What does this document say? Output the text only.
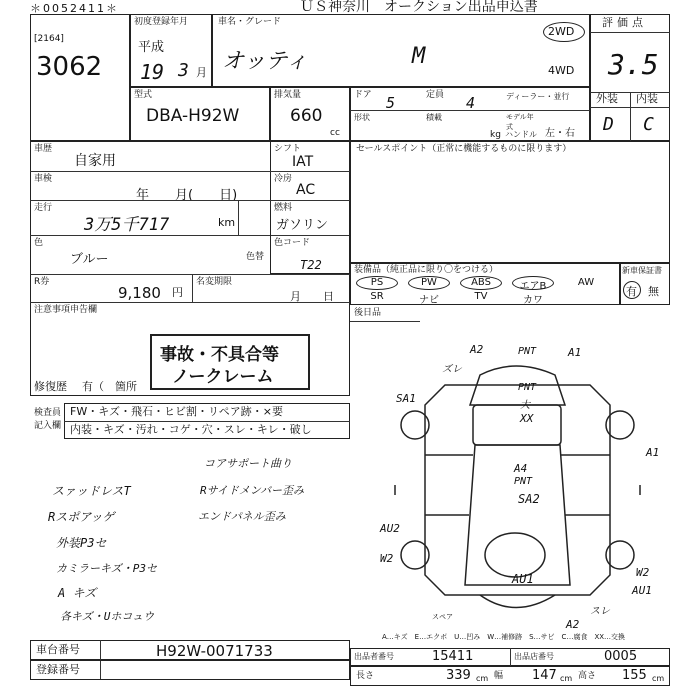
＊0052411＊	ＵＳ神奈川　オークション出品申込書
[2164]
3062
初度登録年月
平成
19 3 月
車名・グレード
オッティ	M
2WD
4WD
評価点
3.5
外装 内装
D C
型式
DBA-H92W
排気量
660
cc
ドア 5	定員 4	ディーラー・並行
形状	積載	モデル年式
kg ハンドル 左・右
車歴
自家用
車検
年　　月(　　日)
走行
3万5千717	km
色
ブルー	色替
R券
9,180 円
名変期限
月　　日
注意事項申告欄
事故・不具合等
ノークレーム
修復歴 有（　箇所
シフト
IAT
冷房
AC
燃料
ガソリン
色コード
T22
セールスポイント（正常に機能するものに限ります）
装備品（純正品に限り〇をつける）
PS	PW	ABS	エアB	AW
SR	ナビ	TV	カワ
新車保証書
有 無
後日品
検査員
記入欄
FW・キズ・飛石・ヒビ割・リペア跡・×要
内装・キズ・汚れ・コゲ・穴・スレ・キレ・破し
コアサポート曲り
スァッドレスT	Rサイドメンバー歪み
Rスポアッゲ	エンドパネル歪み
外装P3セ
カミラーキズ・P3セ
A キズ
各キズ・Uホコュウ
A2	PNT	A1
ズレ
SA1
PNT
大
XX
A1
A4
PNT
SA2
AU2
W2
AU1	W2
AU1
A2
スレ
スペア
A…キズ　E…エクボ　U…凹み　W…補修跡　S…サビ　C…腐食　XX…交換
車台番号	H92W-0071733
登録番号
出品者番号	15411	出品店番号	0005
長さ	339 cm 幅 147 cm 高さ 155 cm
